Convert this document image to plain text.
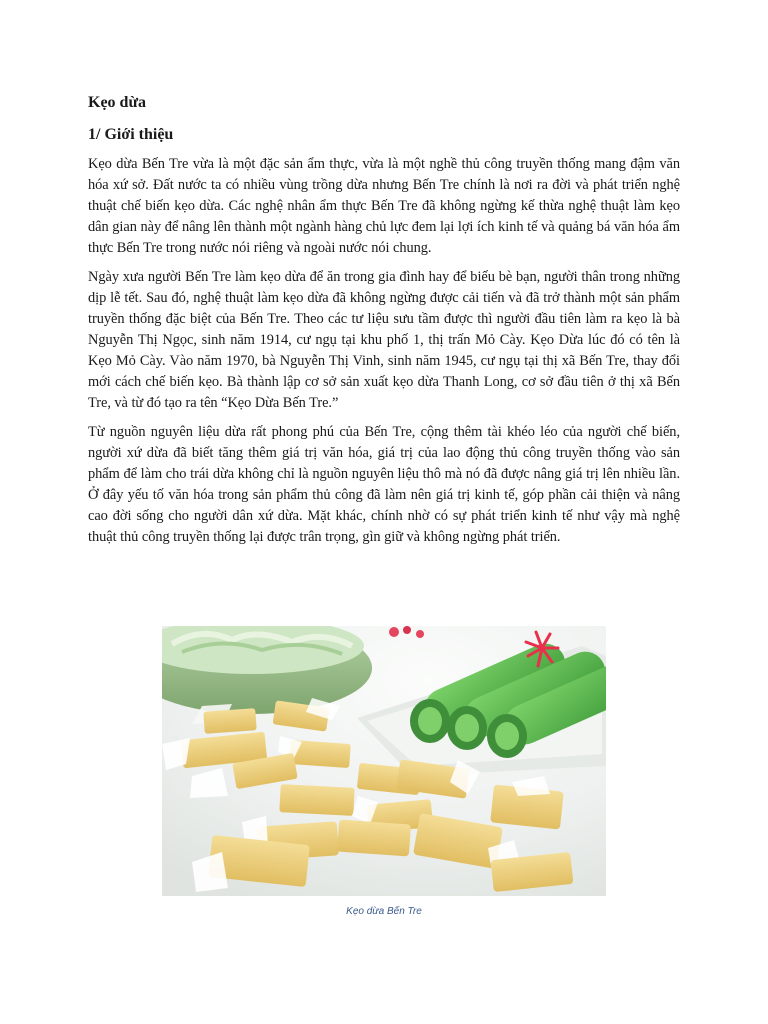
Kẹo dừa
1/ Giới thiệu

Kẹo dừa Bến Tre vừa là một đặc sản ẩm thực, vừa là một nghề thủ công truyền thống mang đậm văn hóa xứ sở. Đất nước ta có nhiều vùng trồng dừa nhưng Bến Tre chính là nơi ra đời và phát triển nghệ thuật chế biến kẹo dừa. Các nghệ nhân ẩm thực Bến Tre đã không ngừng kế thừa nghệ thuật làm kẹo dân gian này để nâng lên thành một ngành hàng chủ lực đem lại lợi ích kinh tế và quảng bá văn hóa ẩm thực Bến Tre trong nước nói riêng và ngoài nước nói chung.

Ngày xưa người Bến Tre làm kẹo dừa để ăn trong gia đình hay để biếu bè bạn, người thân trong những dịp lễ tết. Sau đó, nghệ thuật làm kẹo dừa đã không ngừng được cải tiến và đã trở thành một sản phẩm truyền thống đặc biệt của Bến Tre. Theo các tư liệu sưu tầm được thì người đầu tiên làm ra kẹo là bà Nguyễn Thị Ngọc, sinh năm 1914, cư ngụ tại khu phố 1, thị trấn Mỏ Cày. Kẹo Dừa lúc đó có tên là Kẹo Mỏ Cày. Vào năm 1970, bà Nguyễn Thị Vinh, sinh năm 1945, cư ngụ tại thị xã Bến Tre, thay đổi mới cách chế biến kẹo. Bà thành lập cơ sở sản xuất kẹo dừa Thanh Long, cơ sở đầu tiên ở thị xã Bến Tre, và từ đó tạo ra tên “Kẹo Dừa Bến Tre.”

Từ nguồn nguyên liệu dừa rất phong phú của Bến Tre, cộng thêm tài khéo léo của người chế biến, người xứ dừa đã biết tăng thêm giá trị văn hóa, giá trị của lao động thủ công truyền thống vào sản phẩm để làm cho trái dừa không chỉ là nguồn nguyên liệu thô mà nó đã được nâng giá trị lên nhiều lần. Ở đây yếu tố văn hóa trong sản phẩm thủ công đã làm nên giá trị kinh tế, góp phần cải thiện và nâng cao đời sống cho người dân xứ dừa. Mặt khác, chính nhờ có sự phát triển kinh tế như vậy mà nghệ thuật thủ công truyền thống lại được trân trọng, gìn giữ và không ngừng phát triển.

Kẹo dừa Bến Tre
